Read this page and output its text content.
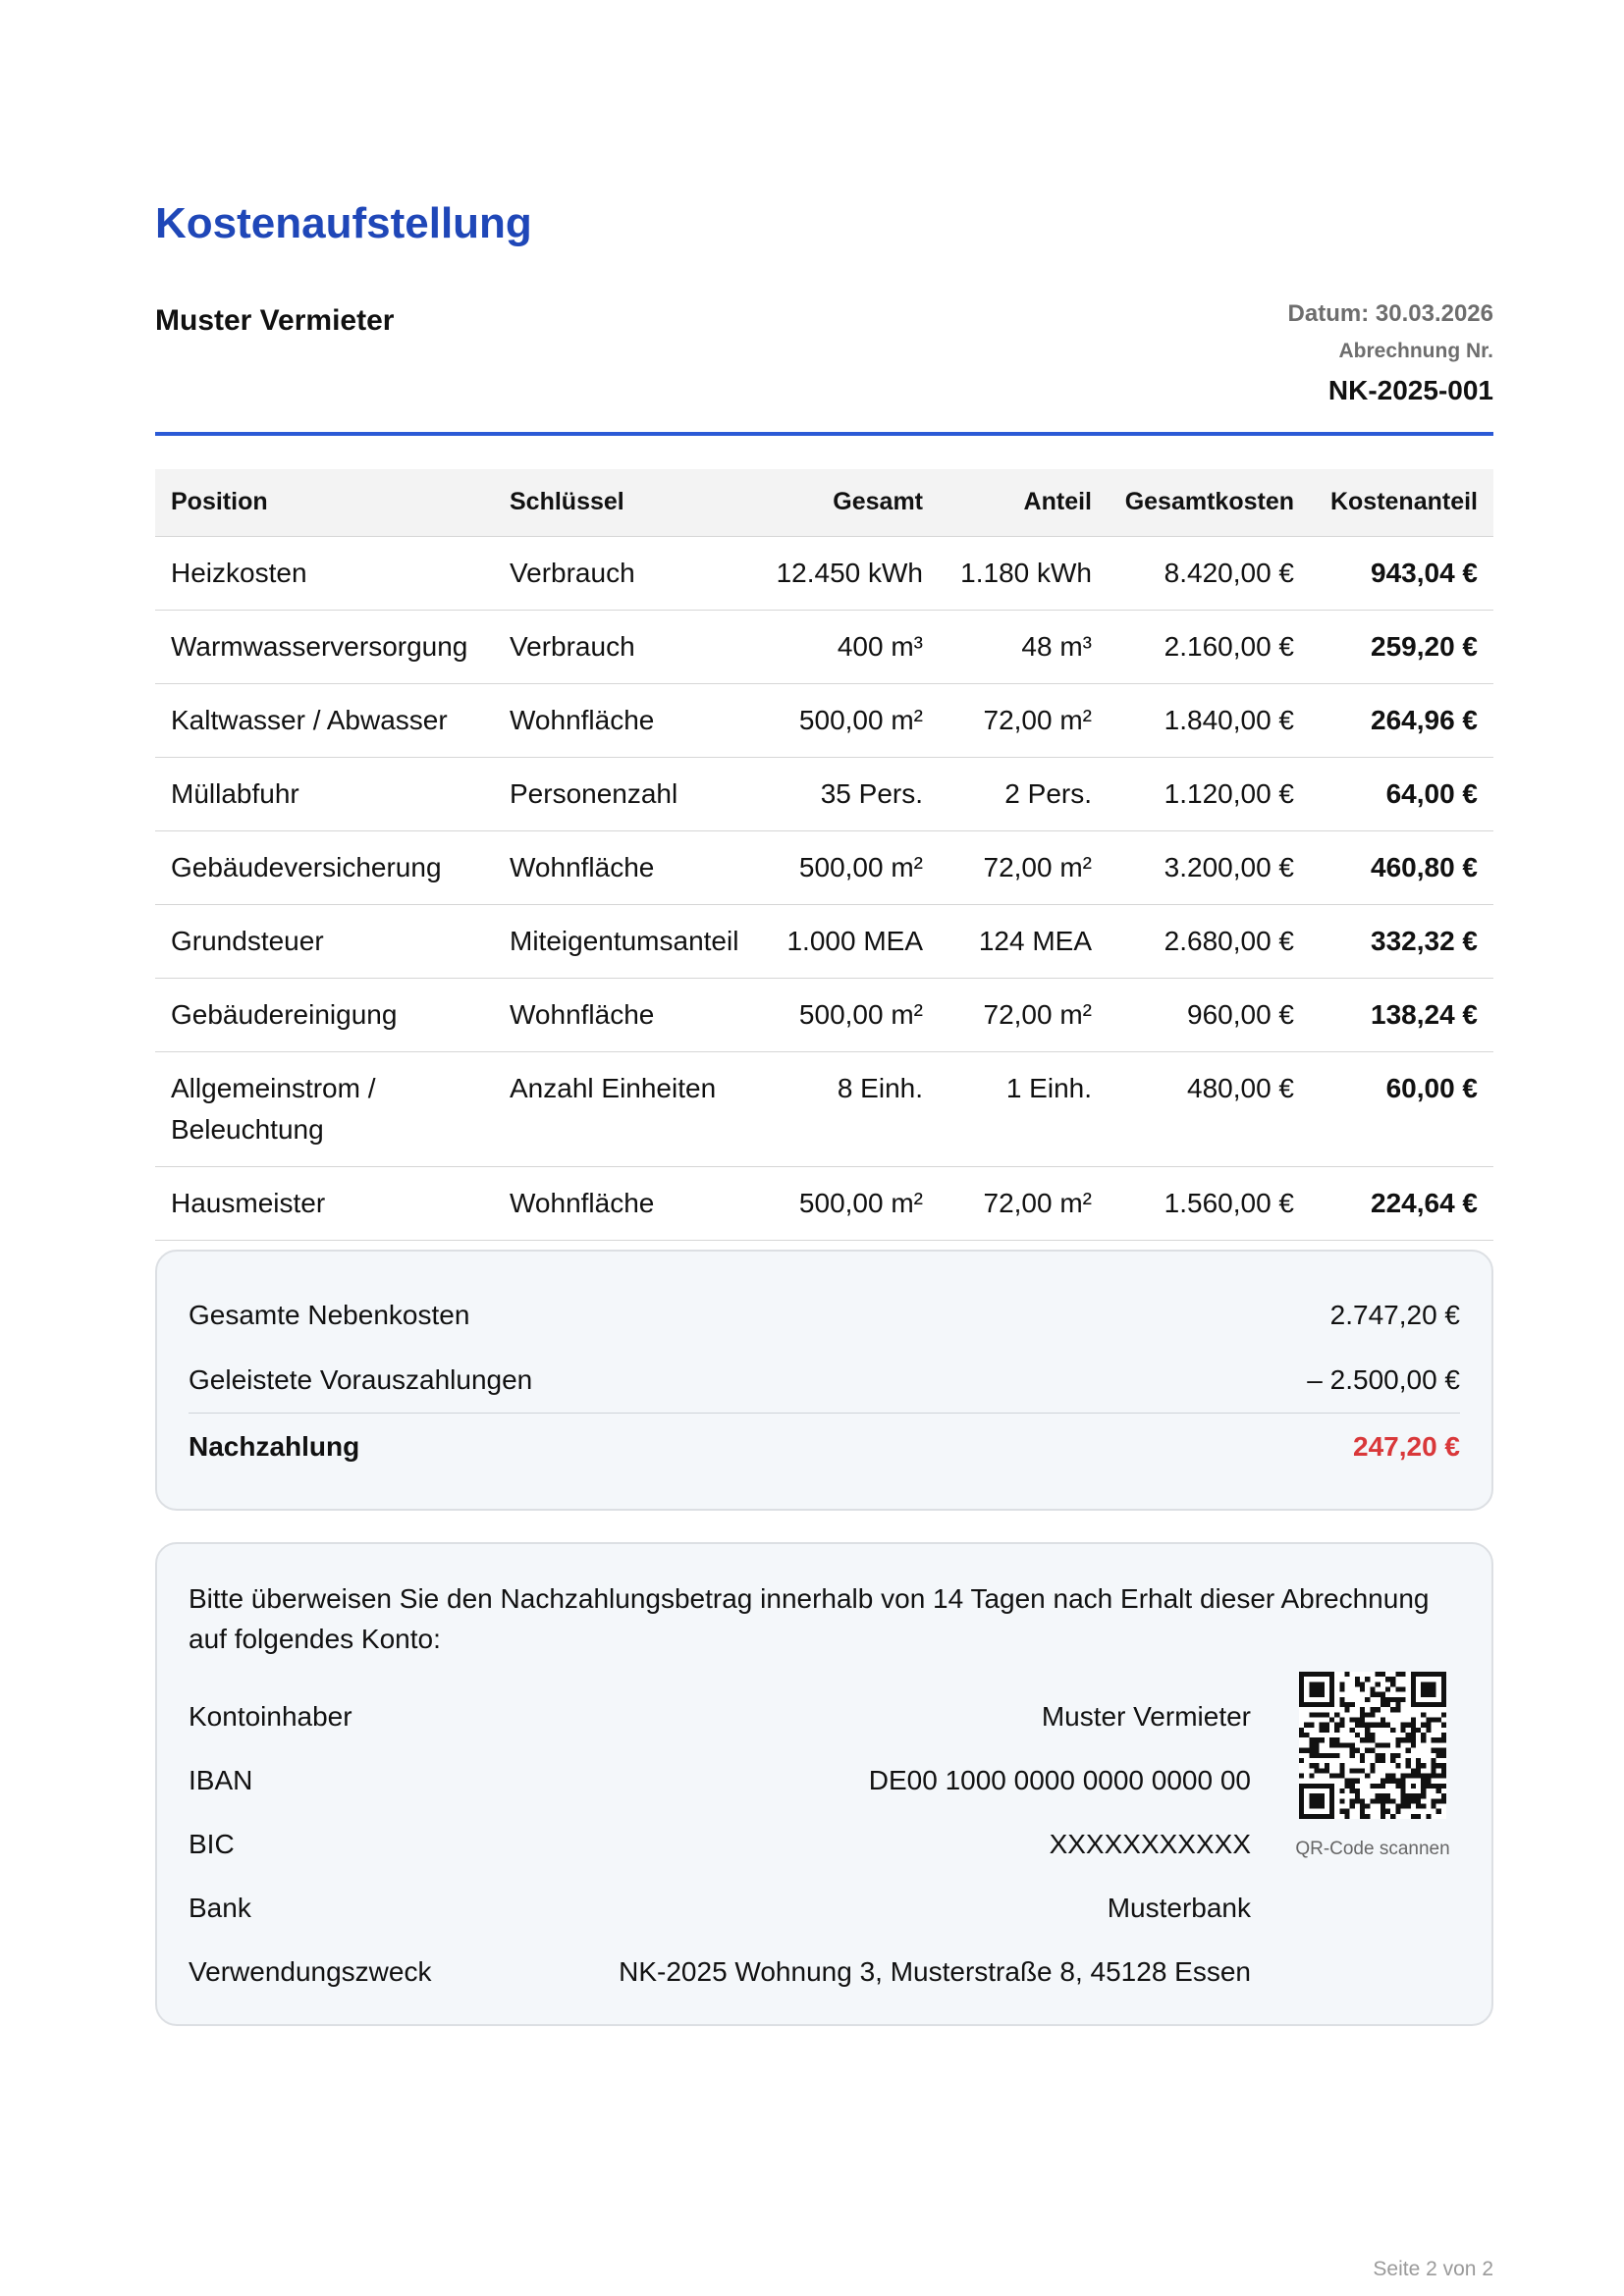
Kostenaufstellung
Muster Vermieter	Datum: 30.03.2026
Abrechnung Nr.
NK-2025-001
Position	Schlüssel	Gesamt	Anteil	Gesamtkosten	Kostenanteil
Heizkosten	Verbrauch	12.450 kWh	1.180 kWh	8.420,00 €	943,04 €
Warmwasserversorgung	Verbrauch	400 m³	48 m³	2.160,00 €	259,20 €
Kaltwasser / Abwasser	Wohnfläche	500,00 m²	72,00 m²	1.840,00 €	264,96 €
Müllabfuhr	Personenzahl	35 Pers.	2 Pers.	1.120,00 €	64,00 €
Gebäudeversicherung	Wohnfläche	500,00 m²	72,00 m²	3.200,00 €	460,80 €
Grundsteuer	Miteigentumsanteil	1.000 MEA	124 MEA	2.680,00 €	332,32 €
Gebäudereinigung	Wohnfläche	500,00 m²	72,00 m²	960,00 €	138,24 €
Allgemeinstrom / Beleuchtung	Anzahl Einheiten	8 Einh.	1 Einh.	480,00 €	60,00 €
Hausmeister	Wohnfläche	500,00 m²	72,00 m²	1.560,00 €	224,64 €
Gesamte Nebenkosten	2.747,20 €
Geleistete Vorauszahlungen	– 2.500,00 €
Nachzahlung	247,20 €

Bitte überweisen Sie den Nachzahlungsbetrag innerhalb von 14 Tagen nach Erhalt dieser Abrechnung auf folgendes Konto:

Kontoinhaber	Muster Vermieter
IBAN	DE00 1000 0000 0000 0000 00
BIC	XXXXXXXXXXX
Bank	Musterbank
Verwendungszweck	NK-2025 Wohnung 3, Musterstraße 8, 45128 Essen
QR-Code scannen
Seite 2 von 2
